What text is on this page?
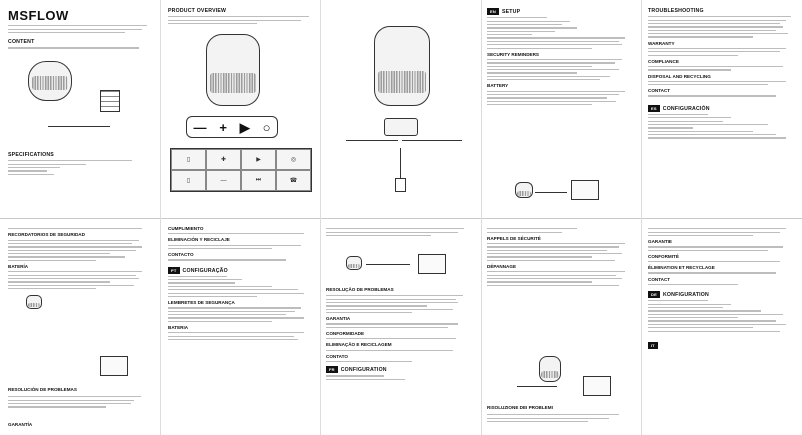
MSFLOW
CONTENT
SPECIFICATIONS
PRODUCT OVERVIEW
— + ▶ ○
▯	✚	▶	◎
▯	—	⏭	☎
EN SETUP
SECURITY REMINDERS
BATTERY
TROUBLESHOOTING
WARRANTY
COMPLIANCE
DISPOSAL AND RECYCLING
CONTACT
ES CONFIGURACIÓN
RECORDATORIOS DE SEGURIDAD
BATERÍA
RESOLUCIÓN DE PROBLEMAS
GARANTÍA
CUMPLIMIENTO
ELIMINACIÓN Y RECICLAJE
CONTACTO
PT CONFIGURAÇÃO
LEMBRETES DE SEGURANÇA
BATERIA
RESOLUÇÃO DE PROBLEMAS
GARANTIA
CONFORMIDADE
ELIMINAÇÃO E RECICLAGEM
CONTATO
FR CONFIGURATION
RAPPELS DE SÉCURITÉ
DÉPANNAGE
RISOLUZIONE DEI PROBLEMI
GARANTIE
CONFORMITÉ
ÉLIMINATION ET RECYCLAGE
CONTACT
DE KONFIGURATION
IT
